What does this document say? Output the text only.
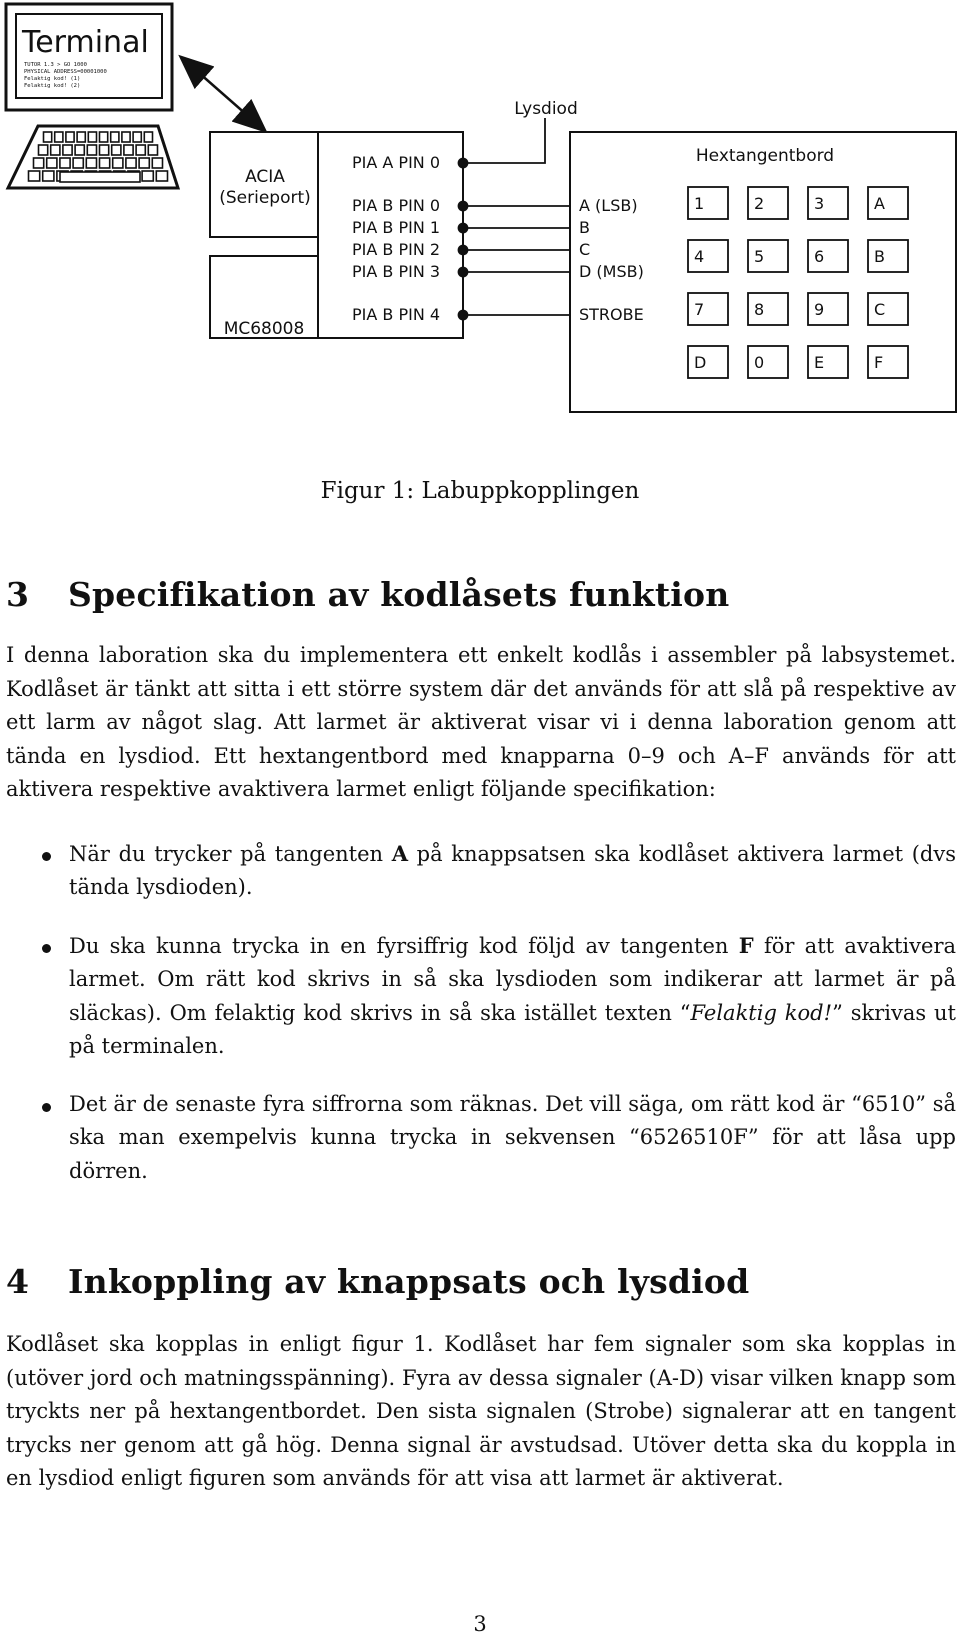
Terminal
TUTOR 1.3 > GO 1000
PHYSICAL ADDRESS=00001000
Felaktig kod! (1)
Felaktig kod! (2)
ACIA
(Serieport)
MC68008
PIA A PIN 0
PIA B PIN 0
PIA B PIN 1
PIA B PIN 2
PIA B PIN 3
PIA B PIN 4
Lysdiod
Hextangentbord
A (LSB)
B
C
D (MSB)
STROBE
1	2	3	A
4	5	6	B
7	8	9	C
D	0	E	F
Figur 1: Labuppkopplingen
3 Specifikation av kodlåsets funktion

I denna laboration ska du implementera ett enkelt kodlås i assembler på labsystemet. Kodlåset är tänkt att sitta i ett större system där det används för att slå på respektive av ett larm av något slag. Att larmet är aktiverat visar vi i denna laboration genom att tända en lysdiod. Ett hextangentbord med knapparna 0–9 och A–F används för att aktivera respektive avaktivera larmet enligt följande specifikation:

När du trycker på tangenten A på knappsatsen ska kodlåset aktivera larmet (dvs tända lysdioden).
Du ska kunna trycka in en fyrsiffrig kod följd av tangenten F för att avaktivera larmet. Om rätt kod skrivs in så ska lysdioden som indikerar att larmet är på släckas). Om felaktig kod skrivs in så ska istället texten “Felaktig kod!” skrivas ut på terminalen.
Det är de senaste fyra siffrorna som räknas. Det vill säga, om rätt kod är “6510” så ska man exempelvis kunna trycka in sekvensen “6526510F” för att låsa upp dörren.
4 Inkoppling av knappsats och lysdiod

Kodlåset ska kopplas in enligt figur 1. Kodlåset har fem signaler som ska kopplas in (utöver jord och matningsspänning). Fyra av dessa signaler (A-D) visar vilken knapp som tryckts ner på hextangentbordet. Den sista signalen (Strobe) signalerar att en tangent trycks ner genom att gå hög. Denna signal är avstudsad. Utöver detta ska du koppla in en lysdiod enligt figuren som används för att visa att larmet är aktiverat.

3
